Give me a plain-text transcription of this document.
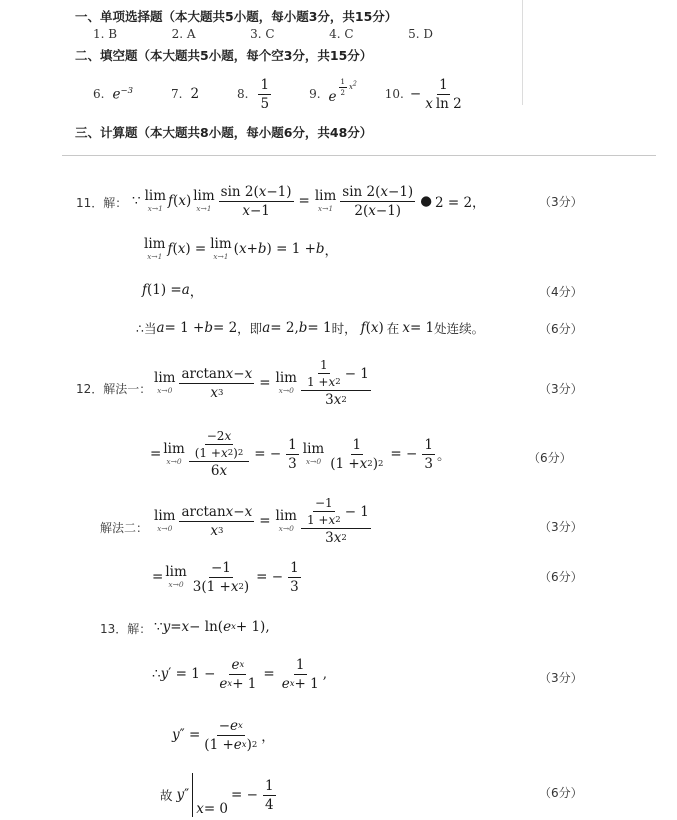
一、单项选择题（本大题共5小题，每小题3分，共15分）
1. B	2. A	3. C	4. C	5. D
二、填空题（本大题共5小题，每个空3分，共15分）
6. $e^{-3}$	7. 2	8. $\frac{1}{5}$	9. e $^{\frac{1}{2} x^2}$
10. − $\frac{1}{\text{x ln 2}}$
三、计算题（本大题共8小题，每小题6分，共48分）
11．解： ∵ lim
x→1 f ( x ) lim
$x\to 1 \frac{\sin 2( x -1)}{x -1} = \lim$
$x\to 1 \frac{\sin 2( x -1)}{2( x -1)}$ ● 2 = 2，	（3分）
lim
x→1 f ( x ) = lim
x→1 ( x + b ) = 1 + b ，
f (1) = a ，	（4分）
∴当 a = 1 + b = 2 ，即 a = 2, b = 1 时， f ( x ) 在 x = 1 处连续。	（6分）
12．解法一：
lim
$x\to 0 \frac{\text{arctan x − x}}{x 3} = \lim$
$x\to 0 \frac{\frac{1}{1 + x 2} - 1}{3 x 2}$	（3分）
= lim
$x\to 0 \frac{\frac{-2 x}{(1 + x 2 ) 2}}{6 x}$ = − $\frac{1}{3}$ lim
$x\to 0 \frac{1}{(1 + x 2 ) 2}$ = − $\frac{1}{3}$ 。	（6分）
解法二：
lim
$x\to 0 \frac{\text{arctan x − x}}{x 3} = \lim$
$x\to 0 \frac{\frac{-1}{1 + x 2} - 1}{3 x 2}$	（3分）
= lim
$x\to 0 \frac{-1}{3(1 + x 2 )}$ = − $\frac{1}{3}$	（6分）
13．解： ∵ y = x − ln( e x + 1),
∴ y ′ = $1 - \frac{\text{e x}}{\text{e x + 1}} = \frac{1}{\text{e x + 1}}$ ,	（3分）
y ″ = $\frac{\text{− e x}}{\text{(1 + e x ) 2}}$ ，
故 y ″
x = 0
= − $\frac{1}{4}$	（6分）
